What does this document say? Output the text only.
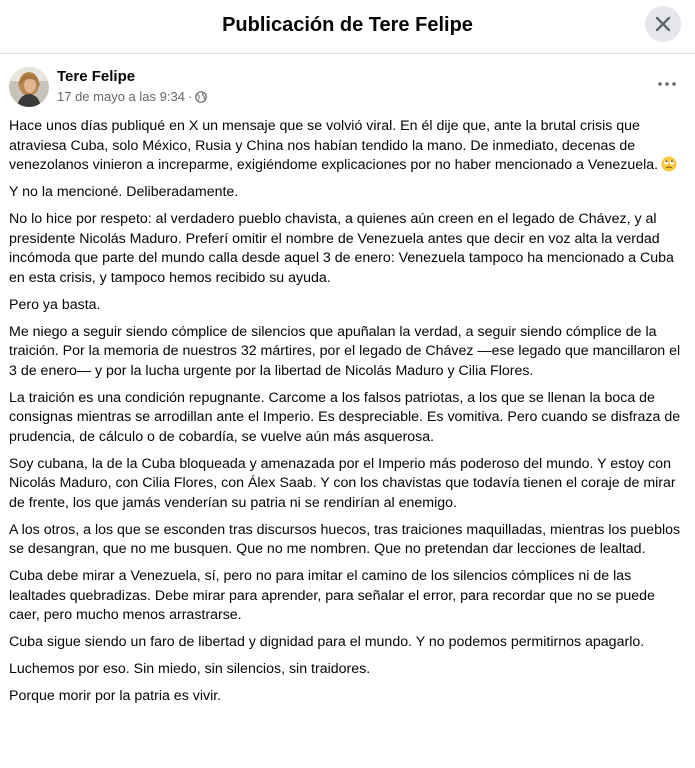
Publicación de Tere Felipe
Tere Felipe
17 de mayo a las 9:34 ·

Hace unos días publiqué en X un mensaje que se volvió viral. En él dije que, ante la brutal crisis que atraviesa Cuba, solo México, Rusia y China nos habían tendido la mano. De inmediato, decenas de venezolanos vinieron a increparme, exigiéndome explicaciones por no haber mencionado a Venezuela.

Y no la mencioné. Deliberadamente.

No lo hice por respeto: al verdadero pueblo chavista, a quienes aún creen en el legado de Chávez, y al presidente Nicolás Maduro. Preferí omitir el nombre de Venezuela antes que decir en voz alta la verdad incómoda que parte del mundo calla desde aquel 3 de enero: Venezuela tampoco ha mencionado a Cuba en esta crisis, y tampoco hemos recibido su ayuda.

Pero ya basta.

Me niego a seguir siendo cómplice de silencios que apuñalan la verdad, a seguir siendo cómplice de la traición. Por la memoria de nuestros 32 mártires, por el legado de Chávez —ese legado que mancillaron el 3 de enero— y por la lucha urgente por la libertad de Nicolás Maduro y Cilia Flores.

La traición es una condición repugnante. Carcome a los falsos patriotas, a los que se llenan la boca de consignas mientras se arrodillan ante el Imperio. Es despreciable. Es vomitiva. Pero cuando se disfraza de prudencia, de cálculo o de cobardía, se vuelve aún más asquerosa.

Soy cubana, la de la Cuba bloqueada y amenazada por el Imperio más poderoso del mundo. Y estoy con Nicolás Maduro, con Cilia Flores, con Álex Saab. Y con los chavistas que todavía tienen el coraje de mirar de frente, los que jamás venderían su patria ni se rendirían al enemigo.

A los otros, a los que se esconden tras discursos huecos, tras traiciones maquilladas, mientras los pueblos se desangran, que no me busquen. Que no me nombren. Que no pretendan dar lecciones de lealtad.

Cuba debe mirar a Venezuela, sí, pero no para imitar el camino de los silencios cómplices ni de las lealtades quebradizas. Debe mirar para aprender, para señalar el error, para recordar que no se puede caer, pero mucho menos arrastrarse.

Cuba sigue siendo un faro de libertad y dignidad para el mundo. Y no podemos permitirnos apagarlo.

Luchemos por eso. Sin miedo, sin silencios, sin traidores.

Porque morir por la patria es vivir.
